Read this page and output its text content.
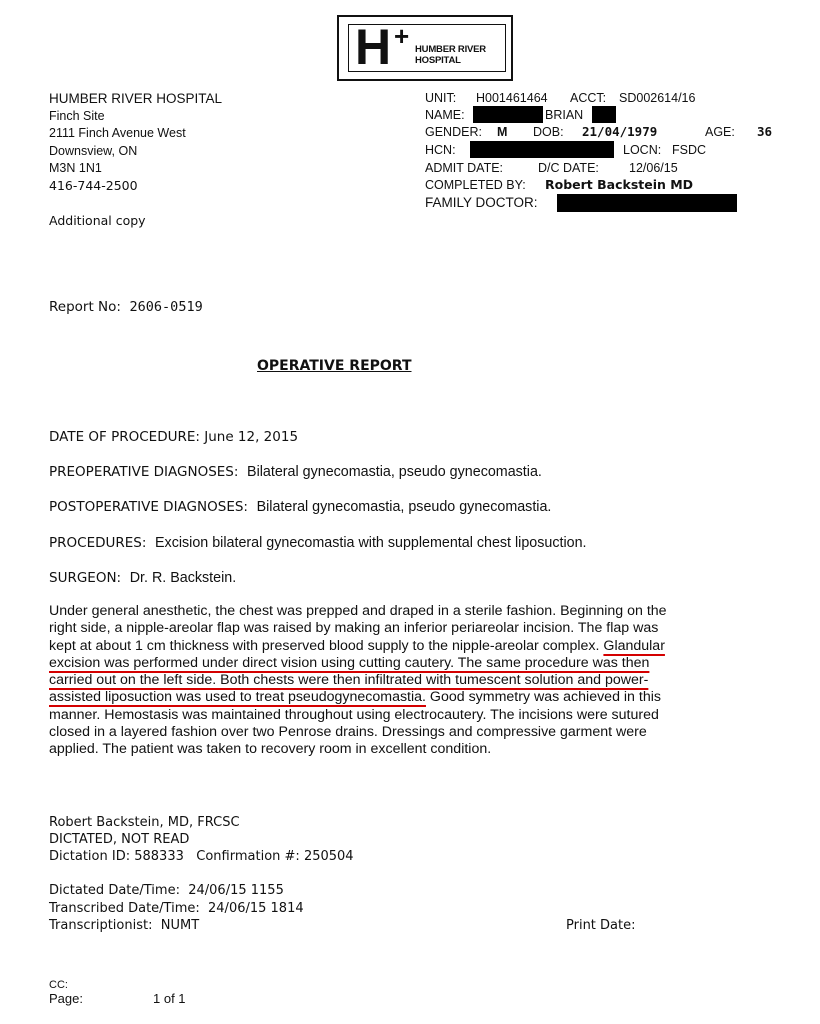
H + HUMBER RIVER
HOSPITAL
HUMBER RIVER HOSPITAL
Finch Site
2111 Finch Avenue West
Downsview, ON
M3N 1N1
416-744-2500
Additional copy
UNIT: H001461464 ACCT: SD002614/16
NAME:	BRIAN
GENDER: M DOB: 21/04/1979	AGE: 36
HCN:	LOCN: FSDC
ADMIT DATE:	D/C DATE: 12/06/15
COMPLETED BY: Robert Backstein MD
FAMILY DOCTOR:
Report No: 2606-0519
OPERATIVE REPORT
DATE OF PROCEDURE: June 12, 2015
PREOPERATIVE DIAGNOSES: Bilateral gynecomastia, pseudo gynecomastia.
POSTOPERATIVE DIAGNOSES: Bilateral gynecomastia, pseudo gynecomastia.
PROCEDURES: Excision bilateral gynecomastia with supplemental chest liposuction.
SURGEON: Dr. R. Backstein.
Under general anesthetic, the chest was prepped and draped in a sterile fashion. Beginning on the
right side, a nipple-areolar flap was raised by making an inferior periareolar incision. The flap was
kept at about 1 cm thickness with preserved blood supply to the nipple-areolar complex. Glandular
excision was performed under direct vision using cutting cautery. The same procedure was then
carried out on the left side. Both chests were then infiltrated with tumescent solution and power-
assisted liposuction was used to treat pseudogynecomastia. Good symmetry was achieved in this
manner. Hemostasis was maintained throughout using electrocautery. The incisions were sutured
closed in a layered fashion over two Penrose drains. Dressings and compressive garment were
applied. The patient was taken to recovery room in excellent condition.
Robert Backstein, MD, FRCSC
DICTATED, NOT READ
Dictation ID: 588333 Confirmation #: 250504
Dictated Date/Time: 24/06/15 1155
Transcribed Date/Time: 24/06/15 1814
Transcriptionist: NUMT	Print Date:
CC:
Page:	1 of 1
